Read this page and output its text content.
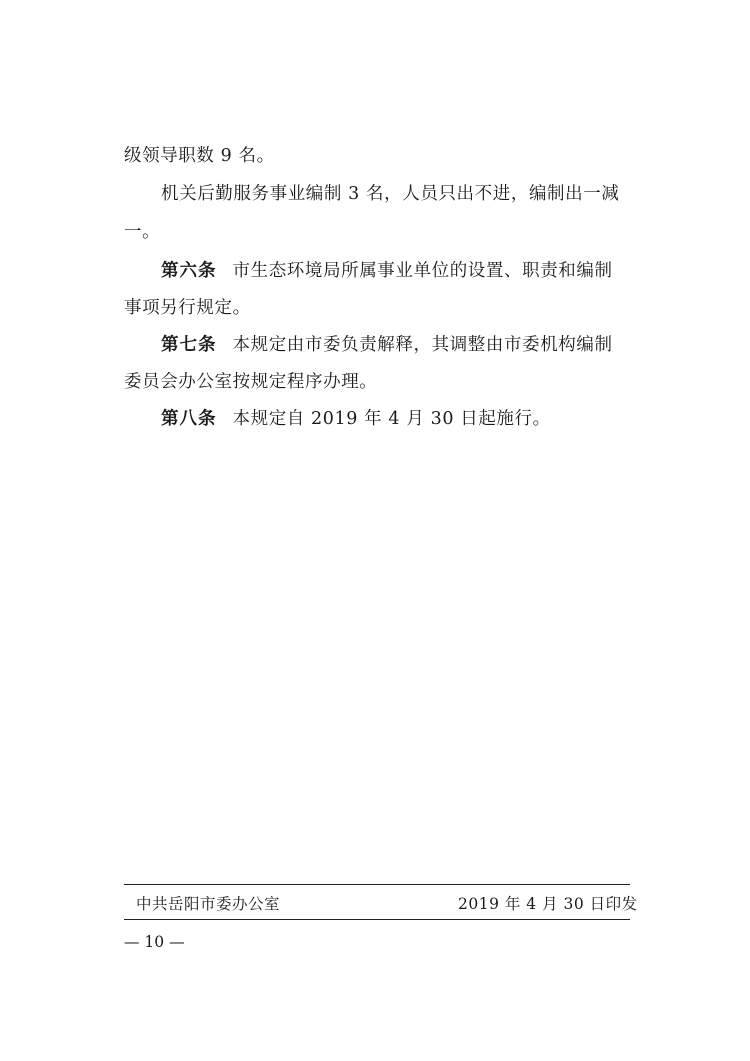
级领导职数 9 名。
机关后勤服务事业编制 3 名，人员只出不进，编制出一减
一。
第六条 市生态环境局所属事业单位的设置、职责和编制
事项另行规定。
第七条 本规定由市委负责解释，其调整由市委机构编制
委员会办公室按规定程序办理。
第八条 本规定自 2019 年 4 月 30 日起施行。
中共岳阳市委办公室	2019 年 4 月 30 日印发
— 10 —
